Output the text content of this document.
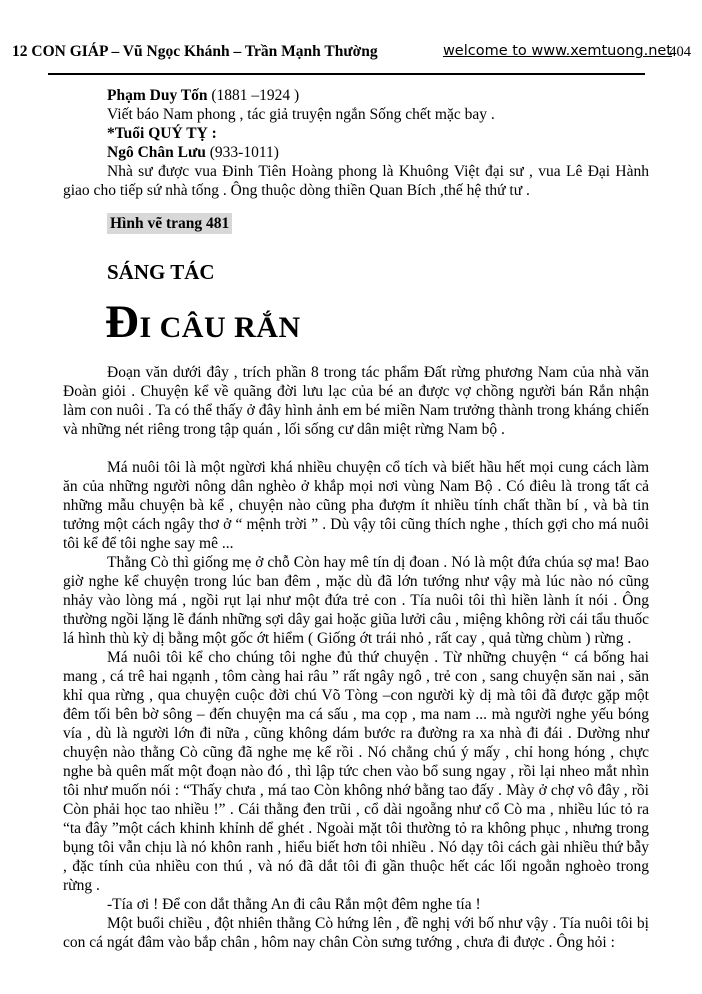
12 CON GIÁP – Vũ Ngọc Khánh – Trần Mạnh Thường	welcome to www.xemtuong.net
404

Phạm Duy Tốn (1881 –1924 )

Viết báo Nam phong , tác giả truyện ngắn Sống chết mặc bay .

*Tuổi QUÝ TỴ :

Ngô Chân Lưu (933-1011)

Nhà sư được vua Đinh Tiên Hoàng phong là Khuông Việt đại sư , vua Lê Đại Hành giao cho tiếp sứ nhà tống . Ông thuộc dòng thiền Quan Bích ,thế hệ thứ tư .

Hình vẽ trang 481
SÁNG TÁC
ĐI CÂU RẮN

Đoạn văn dưới đây , trích phần 8 trong tác phẩm Đất rừng phương Nam của nhà văn Đoàn giỏi . Chuyện kể về quãng đời lưu lạc của bé an được vợ chồng người bán Rắn nhận làm con nuôi . Ta có thể thấy ở đây hình ảnh em bé miền Nam trưởng thành trong kháng chiến và những nét riêng trong tập quán , lối sống cư dân miệt rừng Nam bộ .

Má nuôi tôi là một ngừơi khá nhiều chuyện cổ tích và biết hầu hết mọi cung cách làm ăn của những người nông dân nghèo ở khắp mọi nơi vùng Nam Bộ . Có điêu là trong tất cả những mẫu chuyện bà kể , chuyện nào cũng pha đượm ít nhiều tính chất thần bí , và bà tin tưởng một cách ngây thơ ở “ mệnh trời ” . Dù vậy tôi cũng thích nghe , thích gợi cho má nuôi tôi kể để tôi nghe say mê ...

Thằng Cò thì giống mẹ ở chỗ Còn hay mê tín dị đoan . Nó là một đứa chúa sợ ma! Bao giờ nghe kể chuyện trong lúc ban đêm , mặc dù đã lớn tướng như vậy mà lúc nào nó cũng nhảy vào lòng má , ngồi rụt lại như một đứa trẻ con . Tía nuôi tôi thì hiền lành ít nói . Ông thường ngồi lặng lẽ đánh những sợi dây gai hoặc giũa lưởi câu , miệng không rời cái tẩu thuốc lá hình thù kỳ dị bằng một gốc ớt hiểm ( Giống ớt trái nhỏ , rất cay , quả từng chùm ) rừng .

Má nuôi tôi kể cho chúng tôi nghe đủ thứ chuyện . Từ những chuyện “ cá bống hai mang , cá trê hai ngạnh , tôm càng hai râu ” rất ngây ngô , trẻ con , sang chuyện săn nai , săn khỉ qua rừng , qua chuyện cuộc đời chú Võ Tòng –con người kỳ dị mà tôi đã được gặp một đêm tối bên bờ sông – đến chuyện ma cá sấu , ma cọp , ma nam ... mà người nghe yếu bóng vía , dù là người lớn đi nữa , cũng không dám bước ra đường ra xa nhà đi đái . Dường như chuyện nào thằng Cò cũng đã nghe mẹ kể rồi . Nó chẳng chú ý mấy , chỉ hong hóng , chực nghe bà quên mất một đoạn nào đó , thì lập tức chen vào bổ sung ngay , rồi lại nheo mắt nhìn tôi như muốn nói : “Thấy chưa , má tao Còn không nhớ bằng tao đấy . Mày ở chợ vô đây , rồi Còn phải học tao nhiều !” . Cái thằng đen trũi , cổ dài ngoẵng như cổ Cò ma , nhiều lúc tỏ ra “ta đây ”một cách khinh khỉnh dể ghét . Ngoài mặt tôi thường tỏ ra không phục , nhưng trong bụng tôi vẫn chịu là nó khôn ranh , hiểu biết hơn tôi nhiều . Nó dạy tôi cách gài nhiều thứ bẫy , đặc tính của nhiều con thú , và nó đã dắt tôi đi gần thuộc hết các lối ngoằn nghoèo trong rừng .

-Tía ơi ! Để con dắt thằng An đi câu Rắn một đêm nghe tía !

Một buổi chiều , đột nhiên thằng Cò hứng lên , đề nghị với bố như vậy . Tía nuôi tôi bị con cá ngát đâm vào bắp chân , hôm nay chân Còn sưng tướng , chưa đi được . Ông hỏi :
